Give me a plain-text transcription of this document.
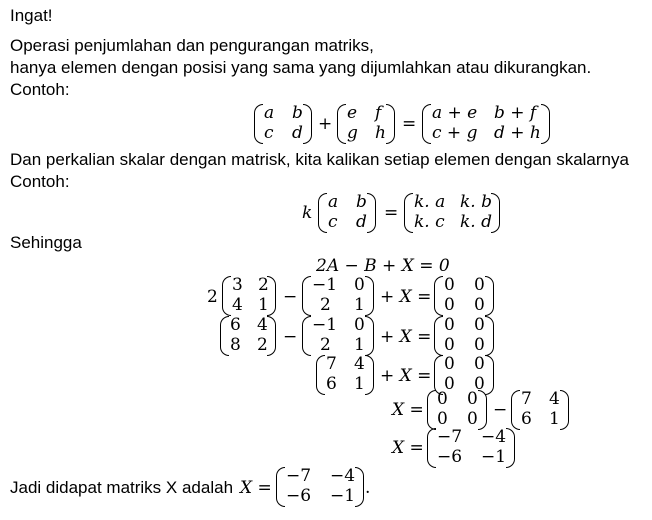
Ingat!
Operasi penjumlahan dan pengurangan matriks,
hanya elemen dengan posisi yang sama yang dijumlahkan atau dikurangkan.
Contoh:
a b
c d +
e f
g h =
a + e b + f
c + g d + h
Dan perkalian skalar dengan matrisk, kita kalikan setiap elemen dengan skalarnya
Contoh:
k
a b
c d =
k. a k. b
k. c k. d
Sehingga
2A − B + X = 0
2
3 2
4 1 −
−1 0
2 1 + X =
0 0
0 0
6 4
8 2 −
−1 0
2 1 + X =
0 0
0 0
7 4
6 1 + X =
0 0
0 0
X =
0 0
0 0 −
7 4
6 1
X =
−7 −4
−6 −1
Jadi didapat matriks X adalah X =
−7 −4
−6 −1 .
